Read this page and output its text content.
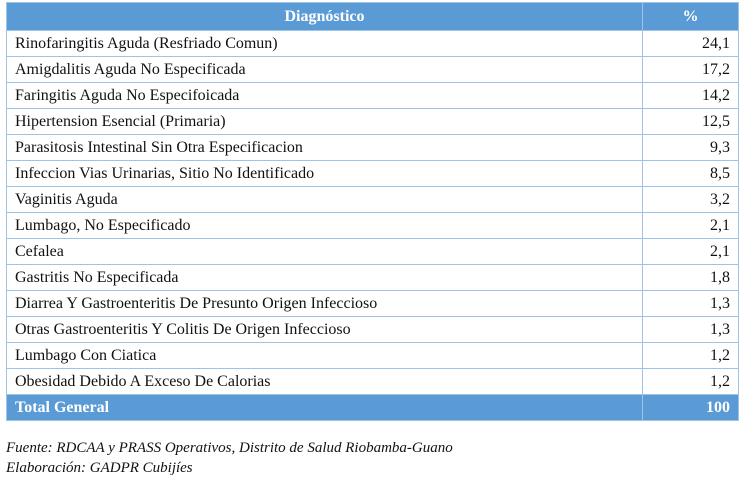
Diagnóstico	%
Rinofaringitis Aguda (Resfriado Comun)	24,1
Amigdalitis Aguda No Especificada	17,2
Faringitis Aguda No Especifoicada	14,2
Hipertension Esencial (Primaria)	12,5
Parasitosis Intestinal Sin Otra Especificacion	9,3
Infeccion Vias Urinarias, Sitio No Identificado	8,5
Vaginitis Aguda	3,2
Lumbago, No Especificado	2,1
Cefalea	2,1
Gastritis No Especificada	1,8
Diarrea Y Gastroenteritis De Presunto Origen Infeccioso	1,3
Otras Gastroenteritis Y Colitis De Origen Infeccioso	1,3
Lumbago Con Ciatica	1,2
Obesidad Debido A Exceso De Calorias	1,2
Total General	100
Fuente: RDCAA y PRASS Operativos, Distrito de Salud Riobamba-Guano
Elaboración: GADPR Cubijíes
